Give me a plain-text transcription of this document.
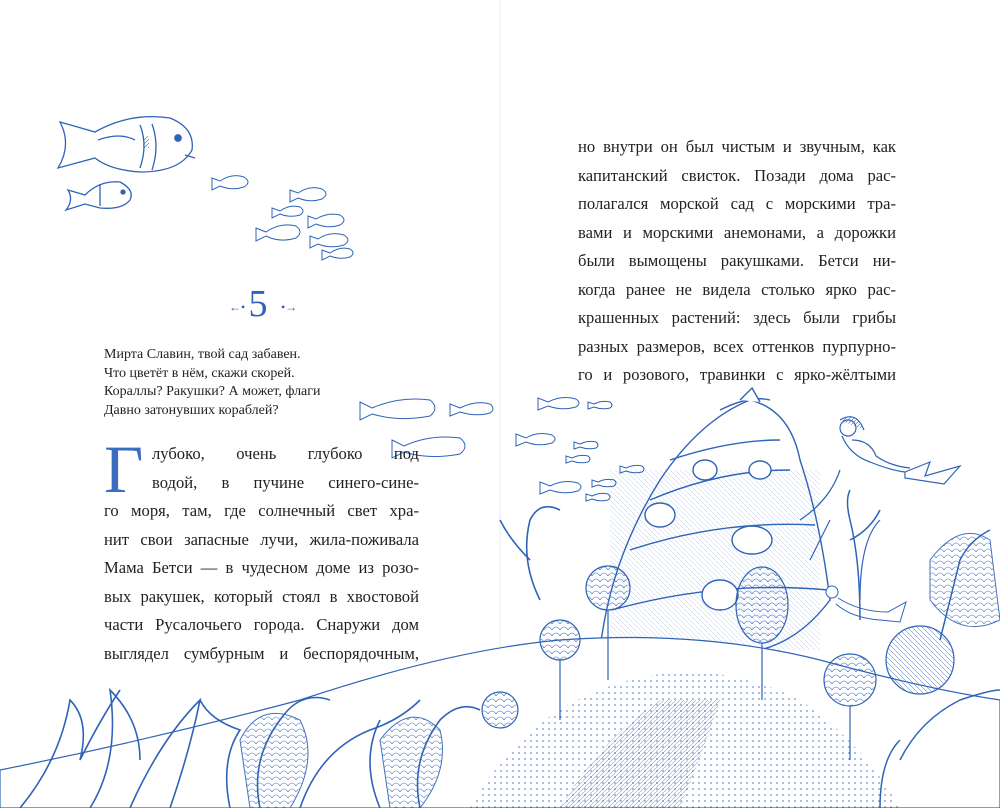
←• 5	•→
Мирта Славин, твой сад забавен.
Что цветёт в нём, скажи скорей.
Кораллы? Ракушки? А может, флаги
Давно затонувших кораблей?
Г лубоко, очень глубоко под
водой, в пучине синего-сине-
го моря, там, где солнечный свет хра-
нит свои запасные лучи, жила-поживала
Мама Бетси — в чудесном доме из розо-
вых ракушек, который стоял в хвостовой
части Русалочьего города. Снаружи дом
выглядел сумбурным и беспорядочным,
но внутри он был чистым и звучным, как
капитанский свисток. Позади дома рас-
полагался морской сад с морскими тра-
вами и морскими анемонами, а дорожки
были вымощены ракушками. Бетси ни-
когда ранее не видела столько ярко рас-
крашенных растений: здесь были грибы
разных размеров, всех оттенков пурпурно-
го и розового, травинки с ярко-жёлтыми
